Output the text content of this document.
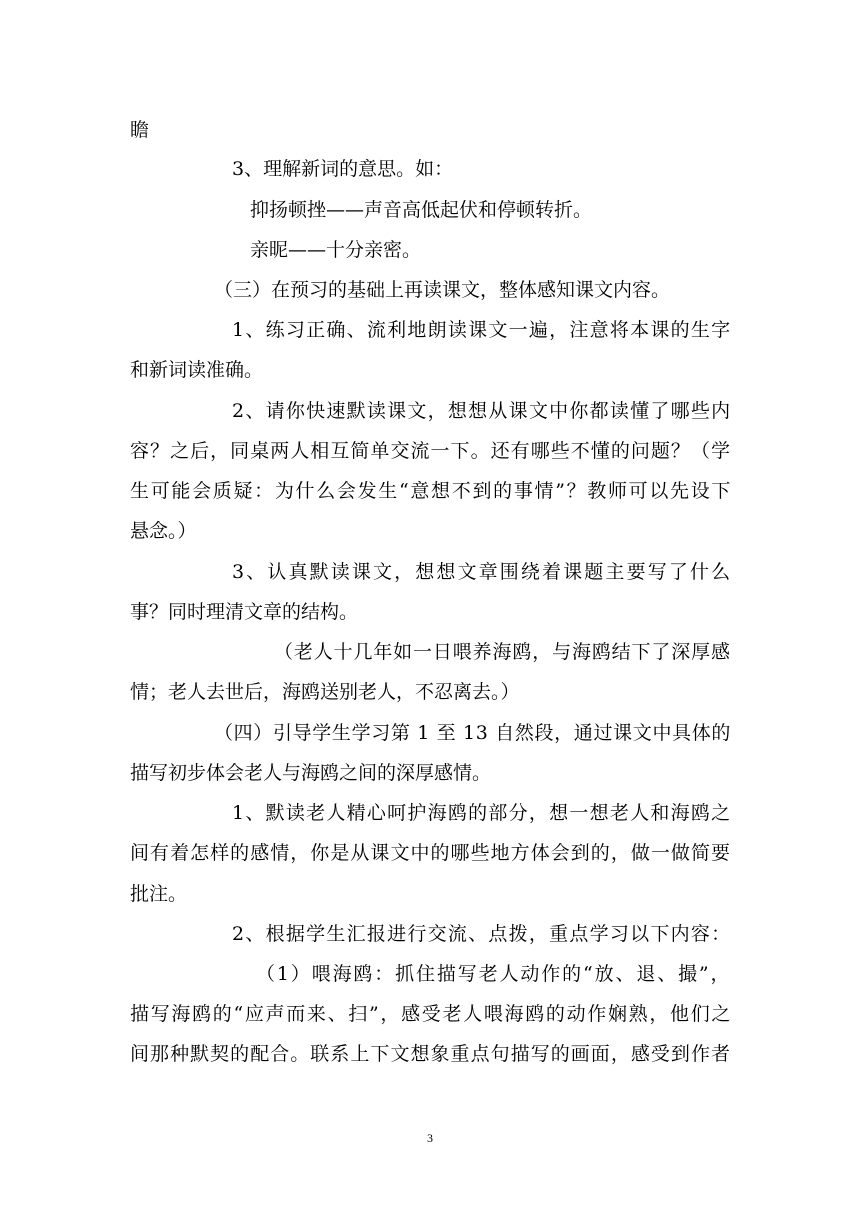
瞻

3、理解新词的意思。如：

抑扬顿挫——声音高低起伏和停顿转折。

亲昵——十分亲密。

（三）在预习的基础上再读课文，整体感知课文内容。

1、练习正确、流利地朗读课文一遍，注意将本课的生字

和新词读准确。

2、请你快速默读课文，想想从课文中你都读懂了哪些内

容？之后，同桌两人相互简单交流一下。还有哪些不懂的问题？（学

生可能会质疑：为什么会发生“意想不到的事情”？教师可以先设下

悬念。）

3、认真默读课文，想想文章围绕着课题主要写了什么

事？同时理清文章的结构。

（老人十几年如一日喂养海鸥，与海鸥结下了深厚感

情；老人去世后，海鸥送别老人，不忍离去。）

（四）引导学生学习第 1 至 13 自然段，通过课文中具体的

描写初步体会老人与海鸥之间的深厚感情。

1、默读老人精心呵护海鸥的部分，想一想老人和海鸥之

间有着怎样的感情，你是从课文中的哪些地方体会到的，做一做简要

批注。

2、根据学生汇报进行交流、点拨，重点学习以下内容：

（1）喂海鸥：抓住描写老人动作的“放、退、撮”，

描写海鸥的“应声而来、扫”，感受老人喂海鸥的动作娴熟，他们之

间那种默契的配合。联系上下文想象重点句描写的画面，感受到作者

3
